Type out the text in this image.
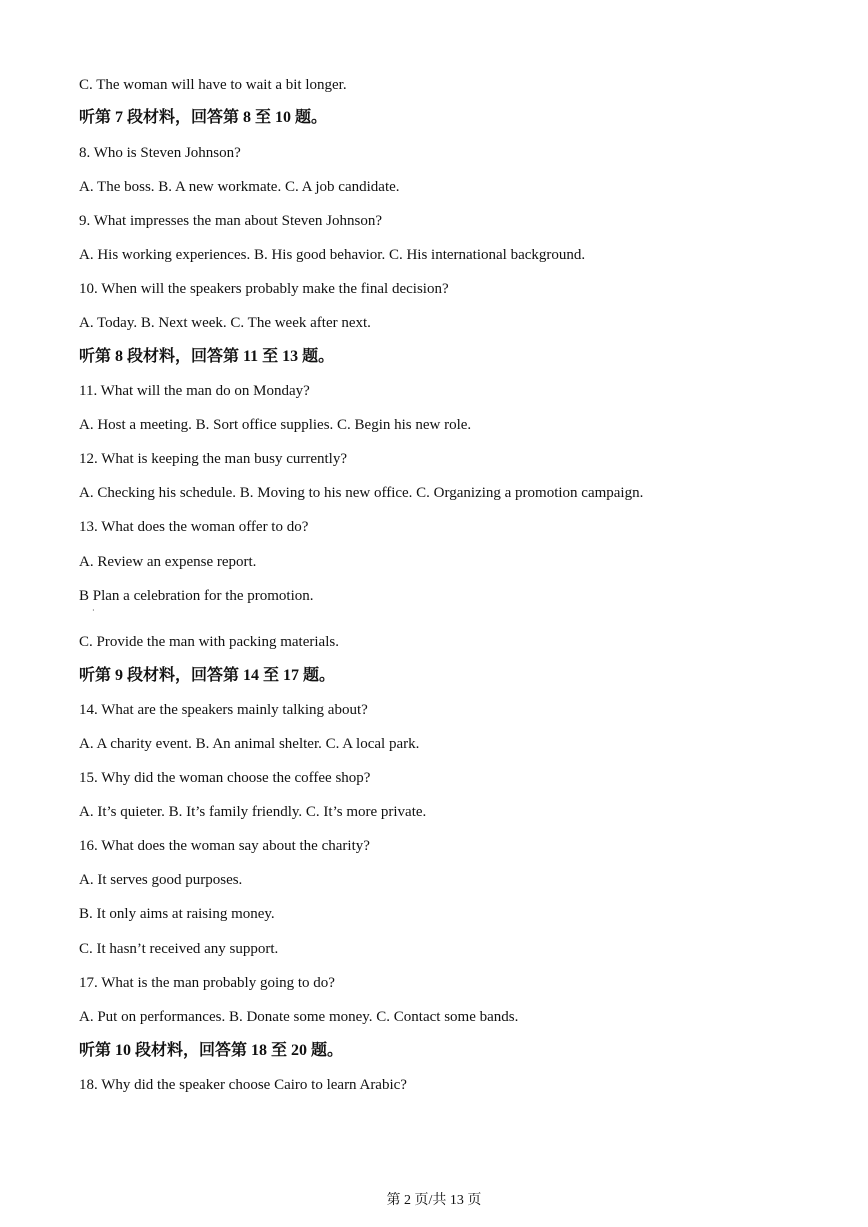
C. The woman will have to wait a bit longer.
听第 7 段材料，回答第 8 至 10 题。
8. Who is Steven Johnson?
A. The boss. B. A new workmate. C. A job candidate.
9. What impresses the man about Steven Johnson?
A. His working experiences. B. His good behavior. C. His international background.
10. When will the speakers probably make the final decision?
A. Today. B. Next week. C. The week after next.
听第 8 段材料，回答第 11 至 13 题。
11. What will the man do on Monday?
A. Host a meeting. B. Sort office supplies. C. Begin his new role.
12. What is keeping the man busy currently?
A. Checking his schedule. B. Moving to his new office. C. Organizing a promotion campaign.
13. What does the woman offer to do?
A. Review an expense report.
B Plan a celebration for the promotion.
C. Provide the man with packing materials.
听第 9 段材料，回答第 14 至 17 题。
14. What are the speakers mainly talking about?
A. A charity event. B. An animal shelter. C. A local park.
15. Why did the woman choose the coffee shop?
A. It’s quieter. B. It’s family friendly. C. It’s more private.
16. What does the woman say about the charity?
A. It serves good purposes.
B. It only aims at raising money.
C. It hasn’t received any support.
17. What is the man probably going to do?
A. Put on performances. B. Donate some money. C. Contact some bands.
听第 10 段材料，回答第 18 至 20 题。
18. Why did the speaker choose Cairo to learn Arabic?
·
第 2 页/共 13 页
